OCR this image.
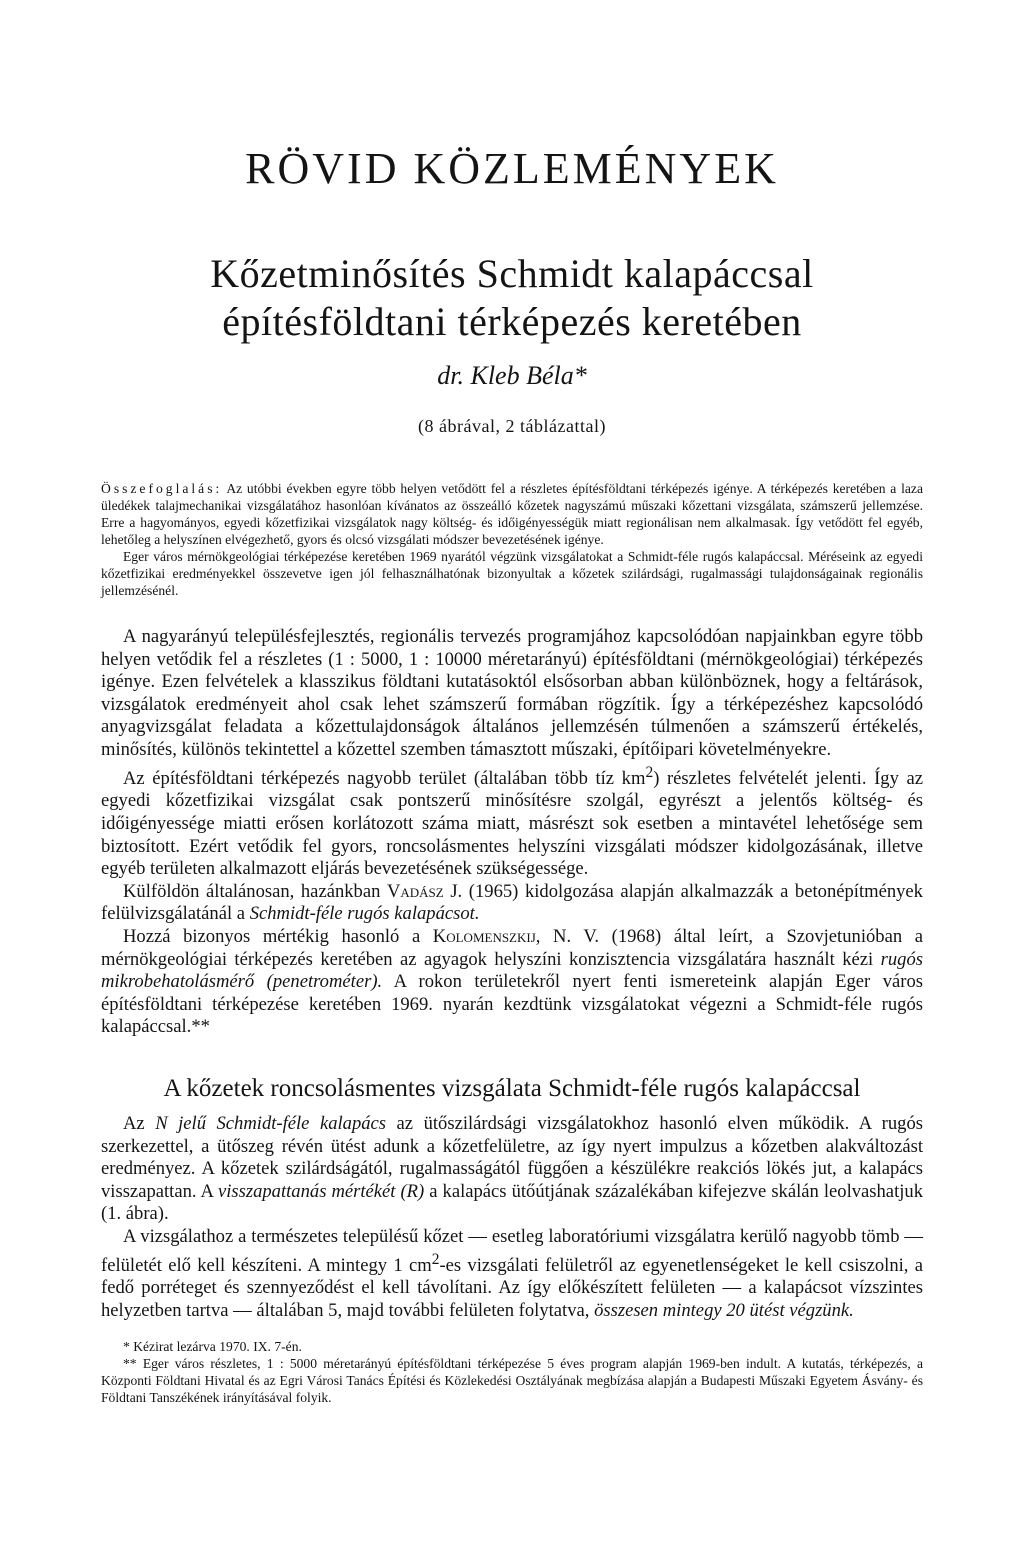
RÖVID KÖZLEMÉNYEK
Kőzetminősítés Schmidt kalapáccsal
építésföldtani térképezés keretében
dr. Kleb Béla*
(8 ábrával, 2 táblázattal)

Összefoglalás: Az utóbbi években egyre több helyen vetődött fel a részletes építésföldtani térképezés igénye. A térképezés keretében a laza üledékek talajmechanikai vizsgálatához hasonlóan kívánatos az összeálló kőzetek nagyszámú műszaki kőzettani vizsgálata, számszerű jellemzése. Erre a hagyományos, egyedi kőzetfizikai vizsgálatok nagy költség- és időigényességük miatt regionálisan nem alkalmasak. Így vetődött fel egyéb, lehetőleg a helyszínen elvégezhető, gyors és olcsó vizsgálati módszer bevezetésének igénye.

Eger város mérnökgeológiai térképezése keretében 1969 nyarától végzünk vizsgálatokat a Schmidt-féle rugós kalapáccsal. Méréseink az egyedi kőzetfizikai eredményekkel összevetve igen jól felhasználhatónak bizonyultak a kőzetek szilárdsági, rugalmassági tulajdonságainak regionális jellemzésénél.

A nagyarányú településfejlesztés, regionális tervezés programjához kapcsolódóan napjainkban egyre több helyen vetődik fel a részletes (1 : 5000, 1 : 10000 méretarányú) építésföldtani (mérnökgeológiai) térképezés igénye. Ezen felvételek a klasszikus földtani kutatásoktól elsősorban abban különböznek, hogy a feltárások, vizsgálatok eredményeit ahol csak lehet számszerű formában rögzítik. Így a térképezéshez kapcsolódó anyagvizsgálat feladata a kőzettulajdonságok általános jellemzésén túlmenően a számszerű értékelés, minősítés, különös tekintettel a kőzettel szemben támasztott műszaki, építőipari követelményekre.

Az építésföldtani térképezés nagyobb terület (általában több tíz $km^2$) részletes felvételét jelenti. Így az egyedi kőzetfizikai vizsgálat csak pontszerű minősítésre szolgál, egyrészt a jelentős költség- és időigényessége miatti erősen korlátozott száma miatt, másrészt sok esetben a mintavétel lehetősége sem biztosított. Ezért vetődik fel gyors, roncsolásmentes helyszíni vizsgálati módszer kidolgozásának, illetve egyéb területen alkalmazott eljárás bevezetésének szükségessége.

Külföldön általánosan, hazánkban Vadász J. (1965) kidolgozása alapján alkalmazzák a betonépítmények felülvizsgálatánál a Schmidt-féle rugós kalapácsot.

Hozzá bizonyos mértékig hasonló a Kolomenszkij, N. V. (1968) által leírt, a Szovjetunióban a mérnökgeológiai térképezés keretében az agyagok helyszíni konzisztencia vizsgálatára használt kézi rugós mikrobehatolásmérő (penetrométer). A rokon területekről nyert fenti ismereteink alapján Eger város építésföldtani térképezése keretében 1969. nyarán kezdtünk vizsgálatokat végezni a Schmidt-féle rugós kalapáccsal.**

A kőzetek roncsolásmentes vizsgálata Schmidt-féle rugós kalapáccsal

Az N jelű Schmidt-féle kalapács az ütőszilárdsági vizsgálatokhoz hasonló elven működik. A rugós szerkezettel, a ütőszeg révén ütést adunk a kőzetfelületre, az így nyert impulzus a kőzetben alakváltozást eredményez. A kőzetek szilárdságától, rugalmasságától függően a készülékre reakciós lökés jut, a kalapács visszapattan. A visszapattanás mértékét (R) a kalapács ütőútjának százalékában kifejezve skálán leolvashatjuk (1. ábra).

A vizsgálathoz a természetes településű kőzet — esetleg laboratóriumi vizsgálatra kerülő nagyobb tömb — felületét elő kell készíteni. A mintegy 1 $cm^2-es$ vizsgálati felületről az egyenetlenségeket le kell csiszolni, a fedő porréteget és szennyeződést el kell távolítani. Az így előkészített felületen — a kalapácsot vízszintes helyzetben tartva — általában 5, majd további felületen folytatva, összesen mintegy 20 ütést végzünk.

* Kézirat lezárva 1970. IX. 7-én.

** Eger város részletes, 1 : 5000 méretarányú építésföldtani térképezése 5 éves program alapján 1969-ben indult. A kutatás, térképezés, a Központi Földtani Hivatal és az Egri Városi Tanács Építési és Közlekedési Osztályának megbízása alapján a Budapesti Műszaki Egyetem Ásvány- és Földtani Tanszékének irányításával folyik.
